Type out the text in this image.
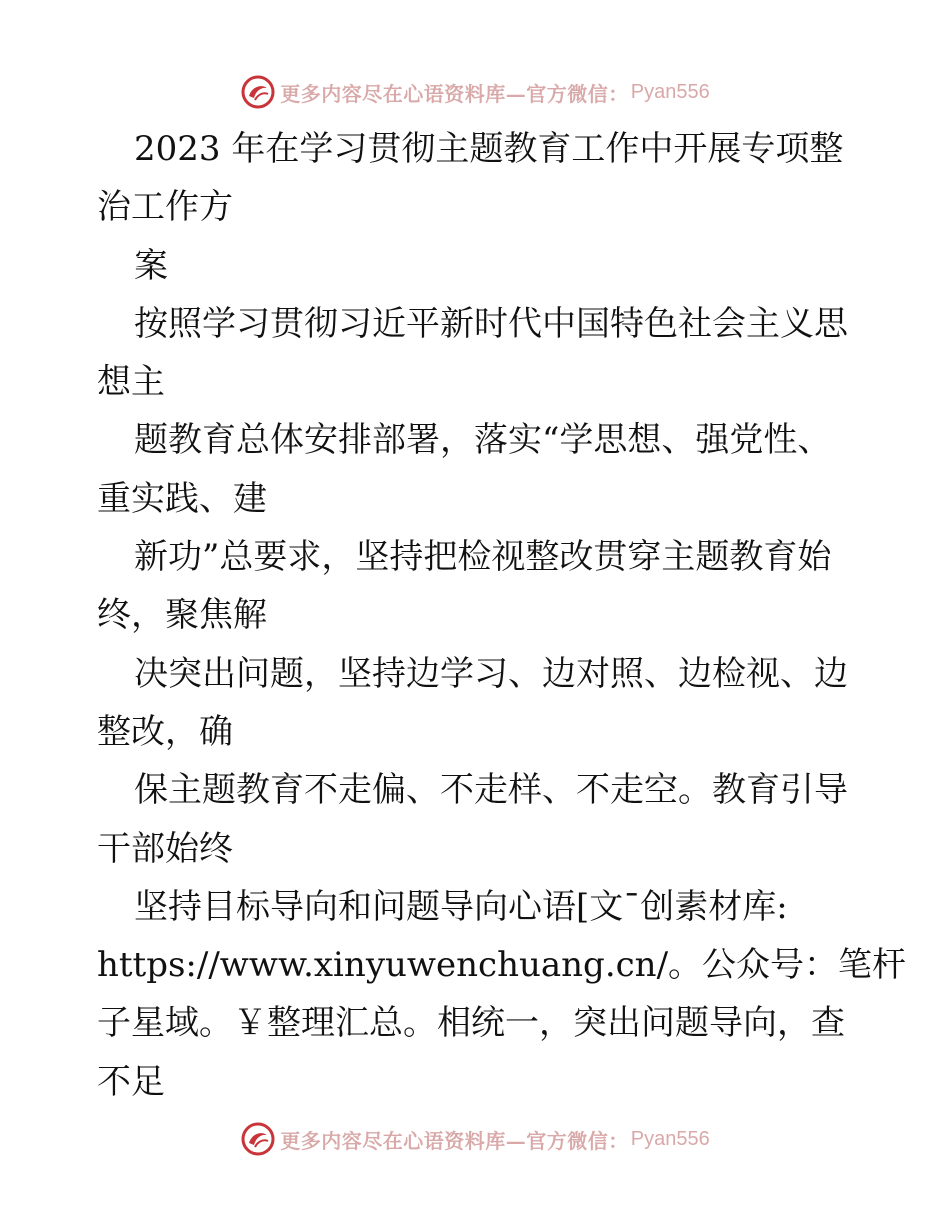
更多内容尽在心语资料库—官方微信： Pyan556
2023 年在学习贯彻主题教育工作中开展专项整
治工作方
案
按照学习贯彻习近平新时代中国特色社会主义思
想主
题教育总体安排部署，落实“学思想、强党性、
重实践、建
新功”总要求，坚持把检视整改贯穿主题教育始
终，聚焦解
决突出问题，坚持边学习、边对照、边检视、边
整改，确
保主题教育不走偏、不走样、不走空。教育引导
干部始终
坚持目标导向和问题导向心语[文¯创素材库:
https://www.xinyuwenchuang.cn/。公众号：笔杆
子星域。￥整理汇总。相统一，突出问题导向，查
不足
更多内容尽在心语资料库—官方微信： Pyan556
